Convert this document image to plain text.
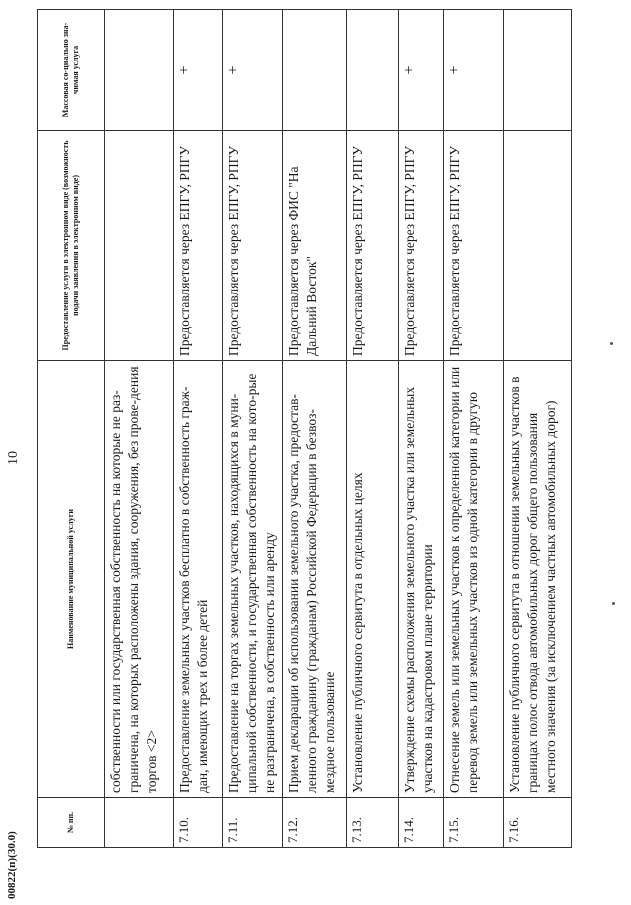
00822(п)(30.0)
10
№ пп.	Наименование муниципальной услуги	Предоставление услуги в электронном виде (возможность подачи заявления в электронном виде)	Массовая со-циально зна-чимая услуга
	собственности или государственная собственность на которые не раз-граничена, на которых расположены здания, сооружения, без прове-дения торгов <2>		
7.10.	Предоставление земельных участков бесплатно в собственность граж-дан, имеющих трех и более детей	Предоставляется через ЕПГУ, РПГУ	+
7.11.	Предоставление на торгах земельных участков, находящихся в муни-ципальной собственности, и государственная собственность на кото-рые не разграничена, в собственность или аренду	Предоставляется через ЕПГУ, РПГУ	+
7.12.	Прием декларации об использовании земельного участка, предостав-ленного гражданину (гражданам) Российской Федерации в безвоз-мездное пользование	Предоставляется через ФИС "На Дальний Восток"	
7.13.	Установление публичного сервитута в отдельных целях	Предоставляется через ЕПГУ, РПГУ	
7.14.	Утверждение схемы расположения земельного участка или земельных участков на кадастровом плане территории	Предоставляется через ЕПГУ, РПГУ	+
7.15.	Отнесение земель или земельных участков к определенной категории или перевод земель или земельных участков из одной категории в другую	Предоставляется через ЕПГУ, РПГУ	+
7.16.	Установление публичного сервитута в отношении земельных участков в границах полос отвода автомобильных дорог общего пользования местного значения (за исключением частных автомобильных дорог)		
